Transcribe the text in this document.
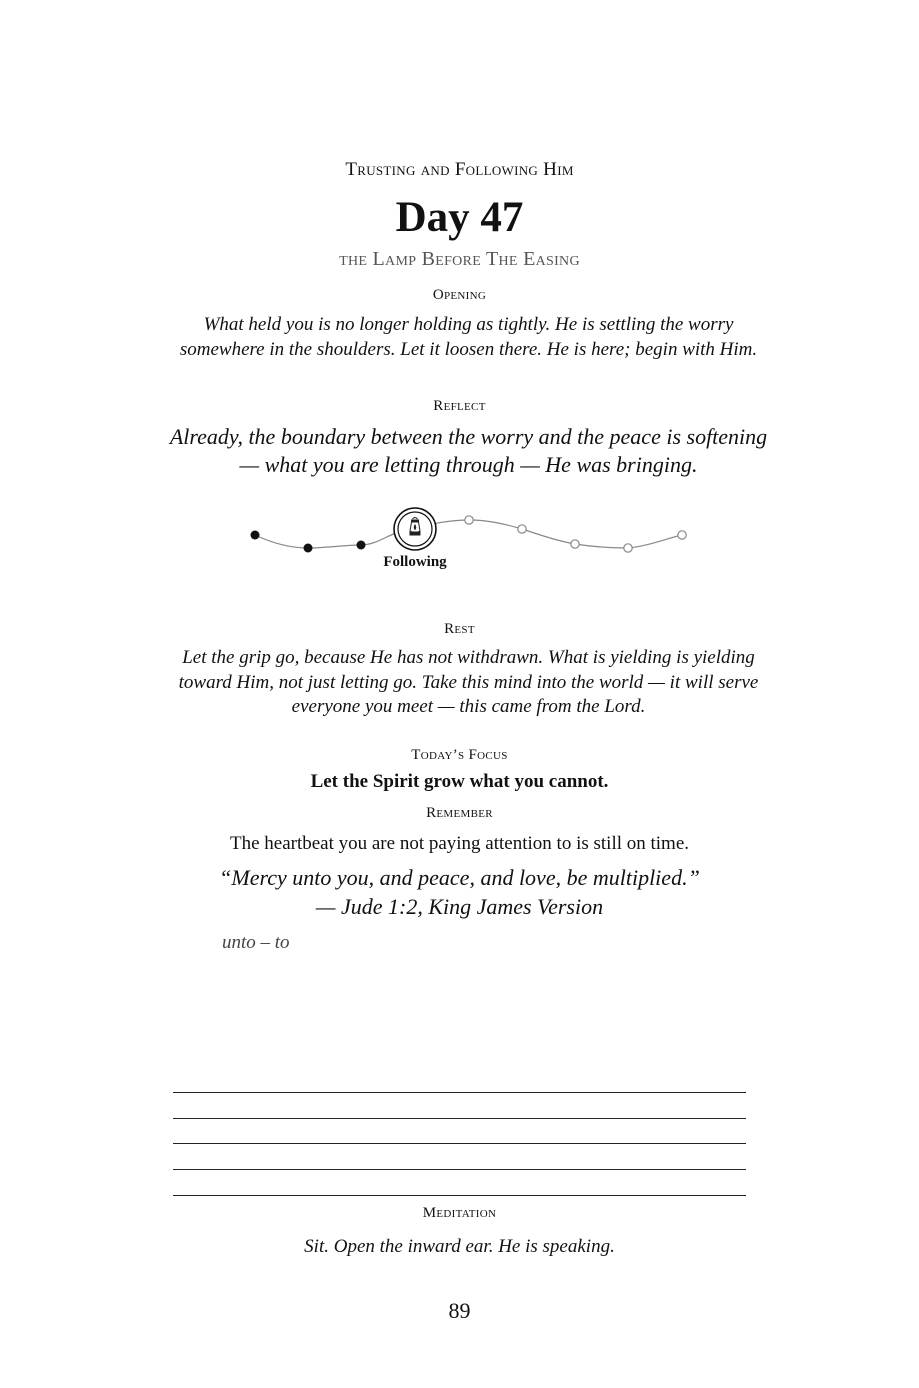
Trusting and Following Him
Day 47
the Lamp Before The Easing
Opening
What held you is no longer holding as tightly. He is settling the worry somewhere in the shoulders. Let it loosen there. He is here; begin with Him.
Reflect
Already, the boundary between the worry and the peace is softening — what you are letting through — He was bringing.
Following
Rest
Let the grip go, because He has not withdrawn. What is yielding is yielding toward Him, not just letting go. Take this mind into the world — it will serve everyone you meet — this came from the Lord.
Today’s Focus
Let the Spirit grow what you cannot.
Remember
The heartbeat you are not paying attention to is still on time.
“Mercy unto you, and peace, and love, be multiplied.”
— Jude 1:2, King James Version
unto – to
Meditation
Sit. Open the inward ear. He is speaking.
89
